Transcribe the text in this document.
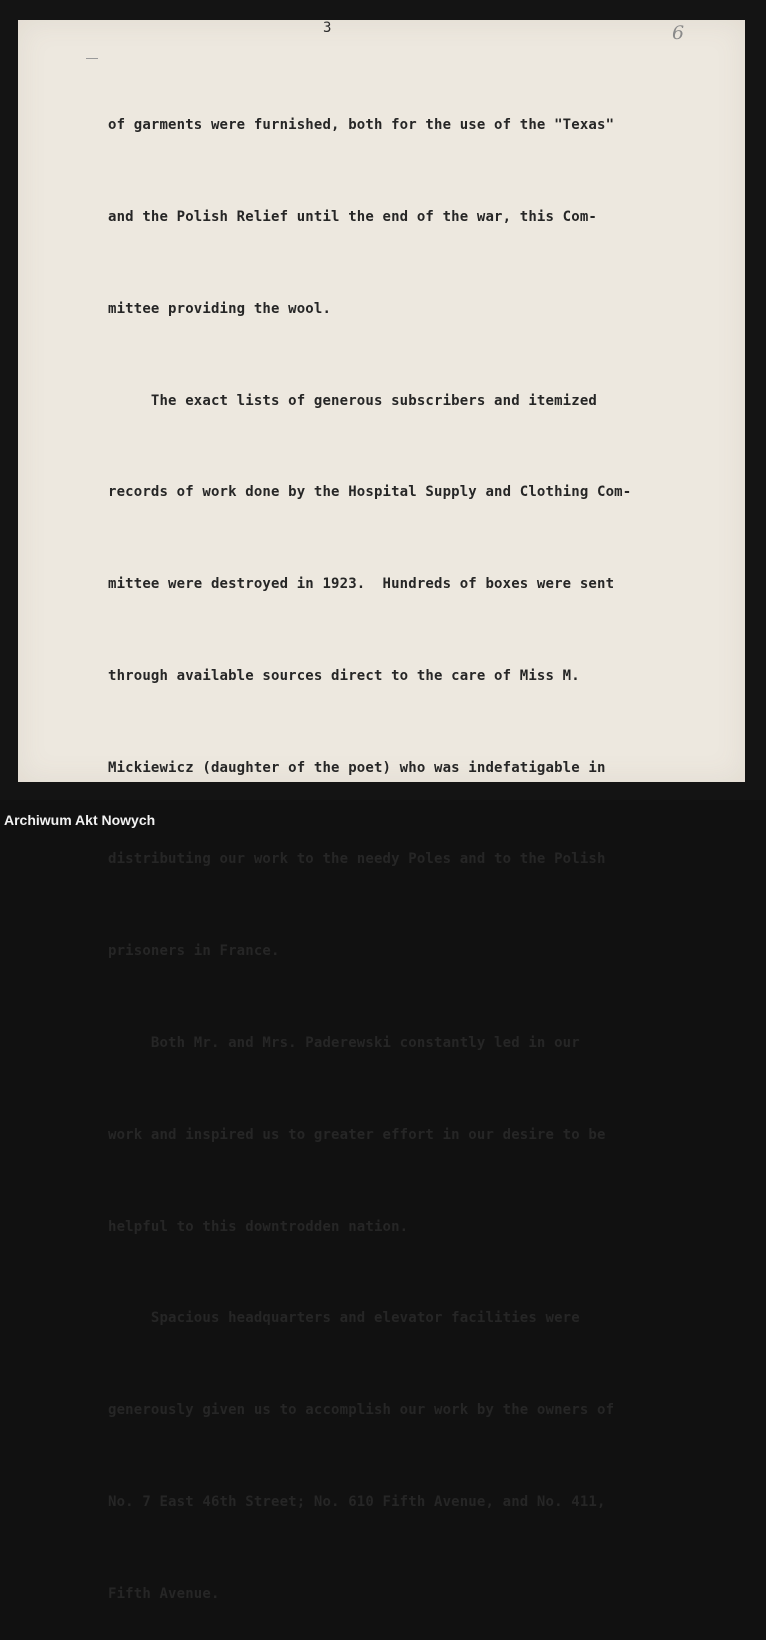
3	6

of garments were furnished, both for the use of the "Texas"

and the Polish Relief until the end of the war, this Com-

mittee providing the wool.

The exact lists of generous subscribers and itemized

records of work done by the Hospital Supply and Clothing Com-

mittee were destroyed in 1923.  Hundreds of boxes were sent

through available sources direct to the care of Miss M.

Mickiewicz (daughter of the poet) who was indefatigable in

distributing our work to the needy Poles and to the Polish

prisoners in France.

Both Mr. and Mrs. Paderewski constantly led in our

work and inspired us to greater effort in our desire to be

helpful to this downtrodden nation.

Spacious headquarters and elevator facilities were

generously given us to accomplish our work by the owners of

No. 7 East 46th Street; No. 610 Fifth Avenue, and No. 411,

Fifth Avenue.

Archiwum Akt Nowych
